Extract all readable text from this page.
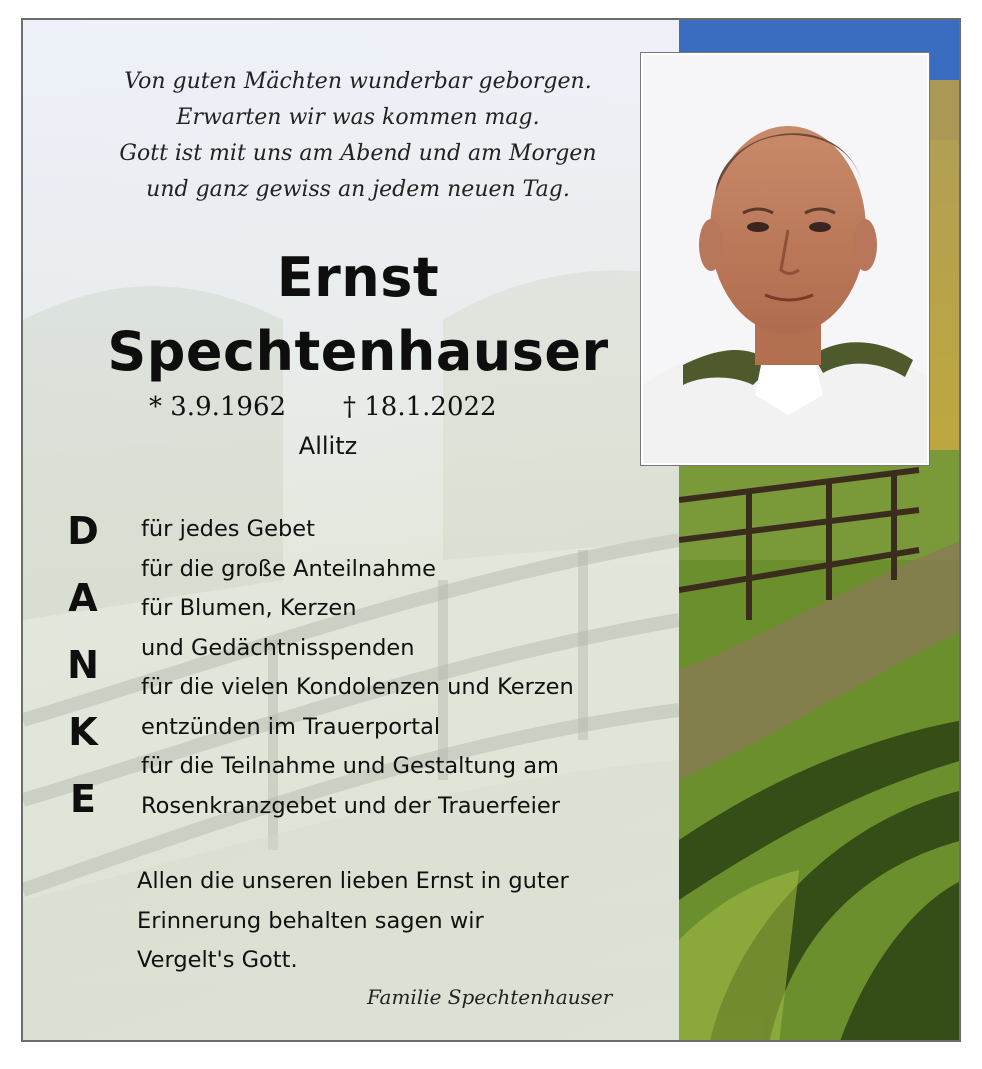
Von guten Mächten wunderbar geborgen.
Erwarten wir was kommen mag.
Gott ist mit uns am Abend und am Morgen
und ganz gewiss an jedem neuen Tag.
Ernst
Spechtenhauser
* 3.9.1962 † 18.1.2022
Allitz
D
A
N
K
E
für jedes Gebet
für die große Anteilnahme
für Blumen, Kerzen
und Gedächtnisspenden
für die vielen Kondolenzen und Kerzen
entzünden im Trauerportal
für die Teilnahme und Gestaltung am
Rosenkranzgebet und der Trauerfeier
Allen die unseren lieben Ernst in guter
Erinnerung behalten sagen wir
Vergelt's Gott.
Familie Spechtenhauser
